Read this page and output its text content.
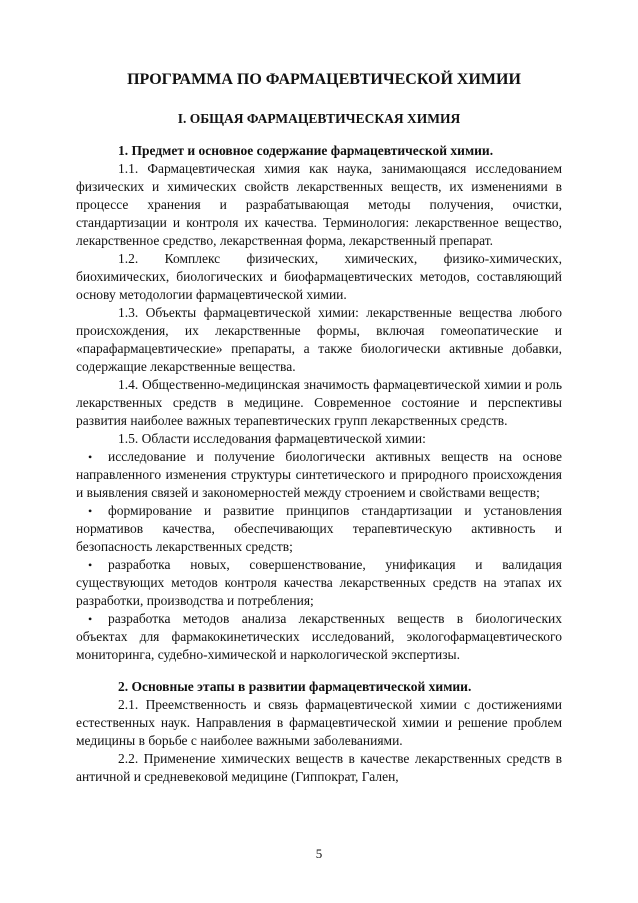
ПРОГРАММА ПО ФАРМАЦЕВТИЧЕСКОЙ ХИМИИ
I. ОБЩАЯ ФАРМАЦЕВТИЧЕСКАЯ ХИМИЯ
1. Предмет и основное содержание фармацевтической химии.

1.1. Фармацевтическая химия как наука, занимающаяся исследованием физических и химических свойств лекарственных веществ, их изменениями в процессе хранения и разрабатывающая методы получения, очистки, стандартизации и контроля их качества. Терминология: лекарственное вещество, лекарственное средство, лекарственная форма, лекарственный препарат.

1.2. Комплекс физических, химических, физико-химических, биохимических, биологических и биофармацевтических методов, составляющий основу методологии фармацевтической химии.

1.3. Объекты фармацевтической химии: лекарственные вещества любого происхождения, их лекарственные формы, включая гомеопатические и «парафармацевтические» препараты, а также биологически активные добавки, содержащие лекарственные вещества.

1.4. Общественно-медицинская значимость фармацевтической химии и роль лекарственных средств в медицине. Современное состояние и перспективы развития наиболее важных терапевтических групп лекарственных средств.

1.5. Области исследования фармацевтической химии:

• исследование и получение биологически активных веществ на основе направленного изменения структуры синтетического и природного происхождения и выявления связей и закономерностей между строением и свойствами веществ;
• формирование и развитие принципов стандартизации и установления нормативов качества, обеспечивающих терапевтическую активность и безопасность лекарственных средств;
• разработка новых, совершенствование, унификация и валидация существующих методов контроля качества лекарственных средств на этапах их разработки, производства и потребления;
• разработка методов анализа лекарственных веществ в биологических объектах для фармакокинетических исследований, экологофармацевтического мониторинга, судебно-химической и наркологической экспертизы.
2. Основные этапы в развитии фармацевтической химии.

2.1. Преемственность и связь фармацевтической химии с достижениями естественных наук. Направления в фармацевтической химии и решение проблем медицины в борьбе с наиболее важными заболеваниями.

2.2. Применение химических веществ в качестве лекарственных средств в античной и средневековой медицине (Гиппократ, Гален,

5
